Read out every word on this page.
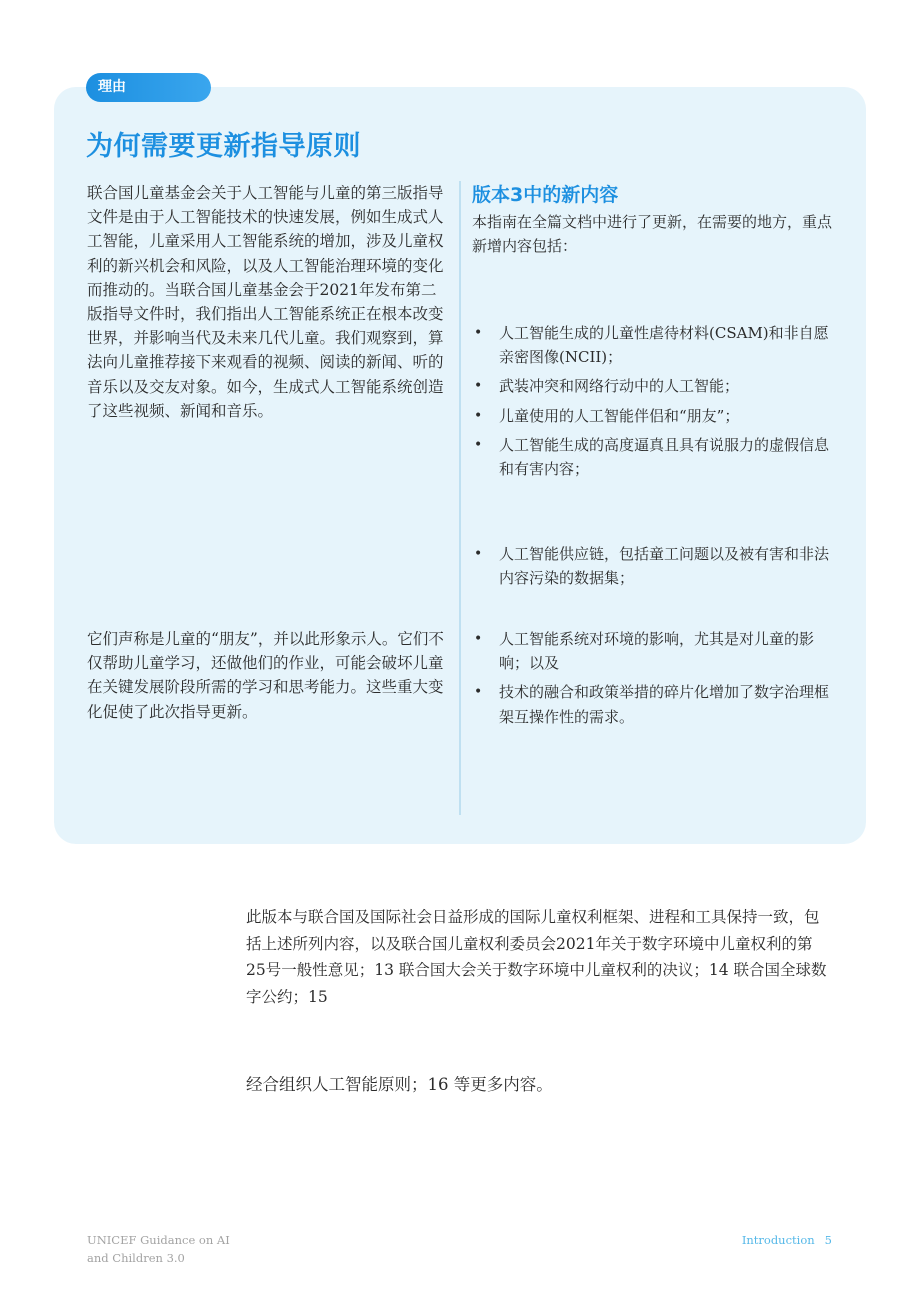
理由
为何需要更新指导原则

联合国儿童基金会关于人工智能与儿童的第三版指导文件是由于人工智能技术的快速发展，例如生成式人工智能，儿童采用人工智能系统的增加，涉及儿童权利的新兴机会和风险，以及人工智能治理环境的变化而推动的。当联合国儿童基金会于2021年发布第二版指导文件时，我们指出人工智能系统正在根本改变世界，并影响当代及未来几代儿童。我们观察到，算法向儿童推荐接下来观看的视频、阅读的新闻、听的音乐以及交友对象。如今，生成式人工智能系统创造了这些视频、新闻和音乐。

它们声称是儿童的“朋友”，并以此形象示人。它们不仅帮助儿童学习，还做他们的作业，可能会破坏儿童在关键发展阶段所需的学习和思考能力。这些重大变化促使了此次指导更新。

版本3中的新内容

本指南在全篇文档中进行了更新，在需要的地方，重点新增内容包括：

• 人工智能生成的儿童性虐待材料(CSAM)和非自愿亲密图像(NCII)；
• 武装冲突和网络行动中的人工智能；
• 儿童使用的人工智能伴侣和“朋友”；
• 人工智能生成的高度逼真且具有说服力的虚假信息和有害内容；
• 人工智能供应链，包括童工问题以及被有害和非法内容污染的数据集；
• 人工智能系统对环境的影响，尤其是对儿童的影响；以及
• 技术的融合和政策举措的碎片化增加了数字治理框架互操作性的需求。

此版本与联合国及国际社会日益形成的国际儿童权利框架、进程和工具保持一致，包括上述所列内容，以及联合国儿童权利委员会2021年关于数字环境中儿童权利的第25号一般性意见；13 联合国大会关于数字环境中儿童权利的决议；14 联合国全球数字公约；15

经合组织人工智能原则；16 等更多内容。

UNICEF Guidance on AI and Children 3.0
Introduction 5
